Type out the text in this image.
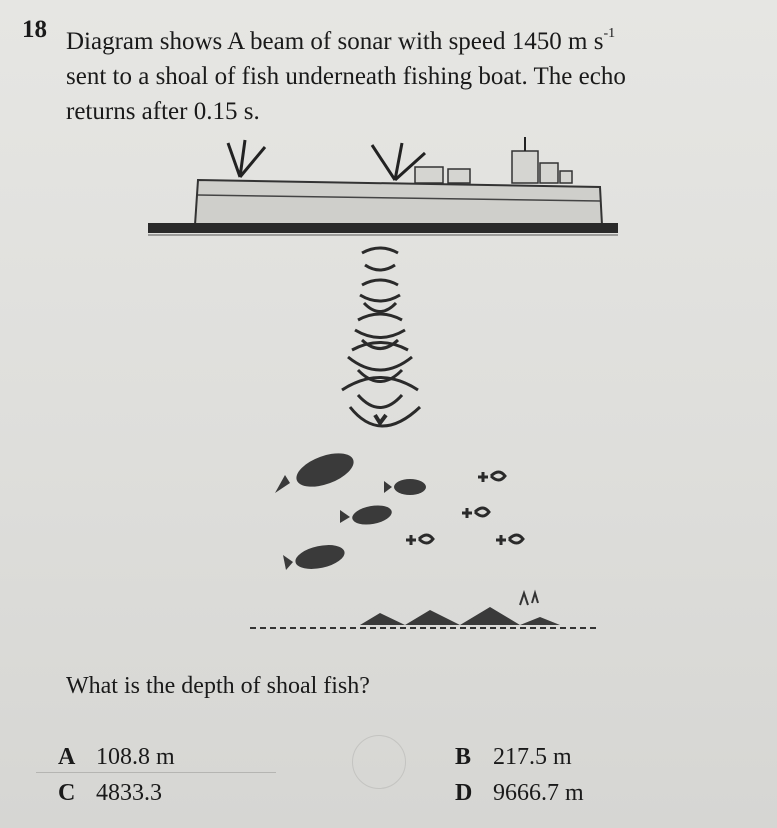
18 Diagram shows A beam of sonar with speed 1450 m $s^{-1}$
sent to a shoal of fish underneath fishing boat. The echo
returns after 0.15 s.
What is the depth of shoal fish?
A 108.8 m	B 217.5 m
C 4833.3	D 9666.7 m
